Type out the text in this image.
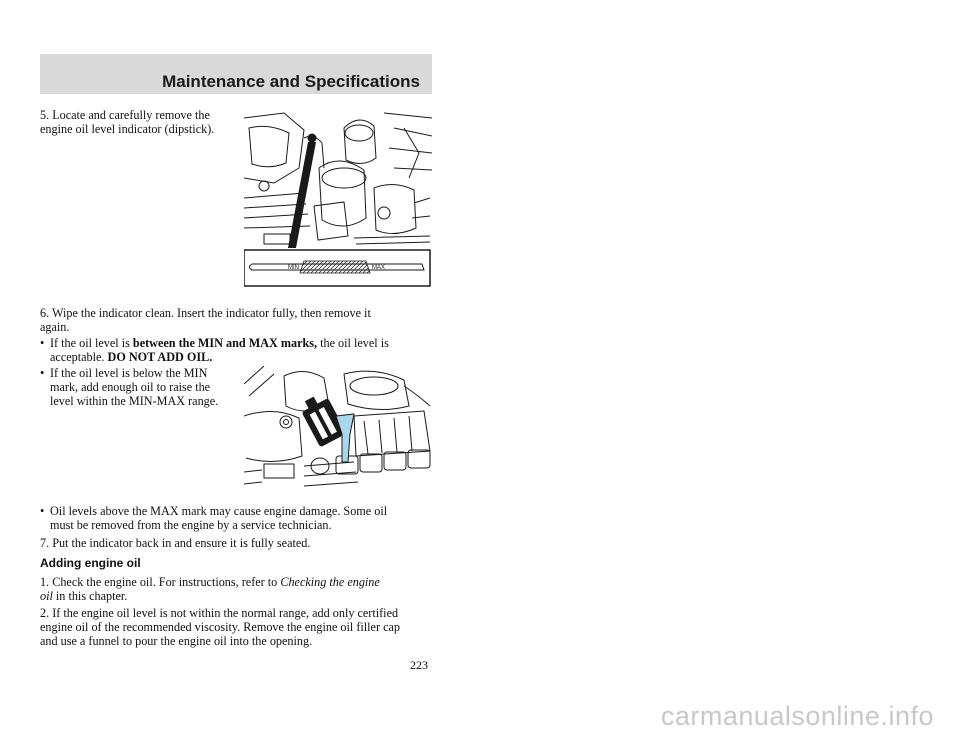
Maintenance and Specifications
5. Locate and carefully remove the
engine oil level indicator (dipstick).
MIN	MAX
6. Wipe the indicator clean. Insert the indicator fully, then remove it
again.
• If the oil level is between the MIN and MAX marks, the oil level is
acceptable. DO NOT ADD OIL.
• If the oil level is below the MIN
mark, add enough oil to raise the
level within the MIN-MAX range.
• Oil levels above the MAX mark may cause engine damage. Some oil
must be removed from the engine by a service technician.
7. Put the indicator back in and ensure it is fully seated.
Adding engine oil
1. Check the engine oil. For instructions, refer to Checking the engine
oil in this chapter.
2. If the engine oil level is not within the normal range, add only certified
engine oil of the recommended viscosity. Remove the engine oil filler cap
and use a funnel to pour the engine oil into the opening.
223
carmanualsonline.info
